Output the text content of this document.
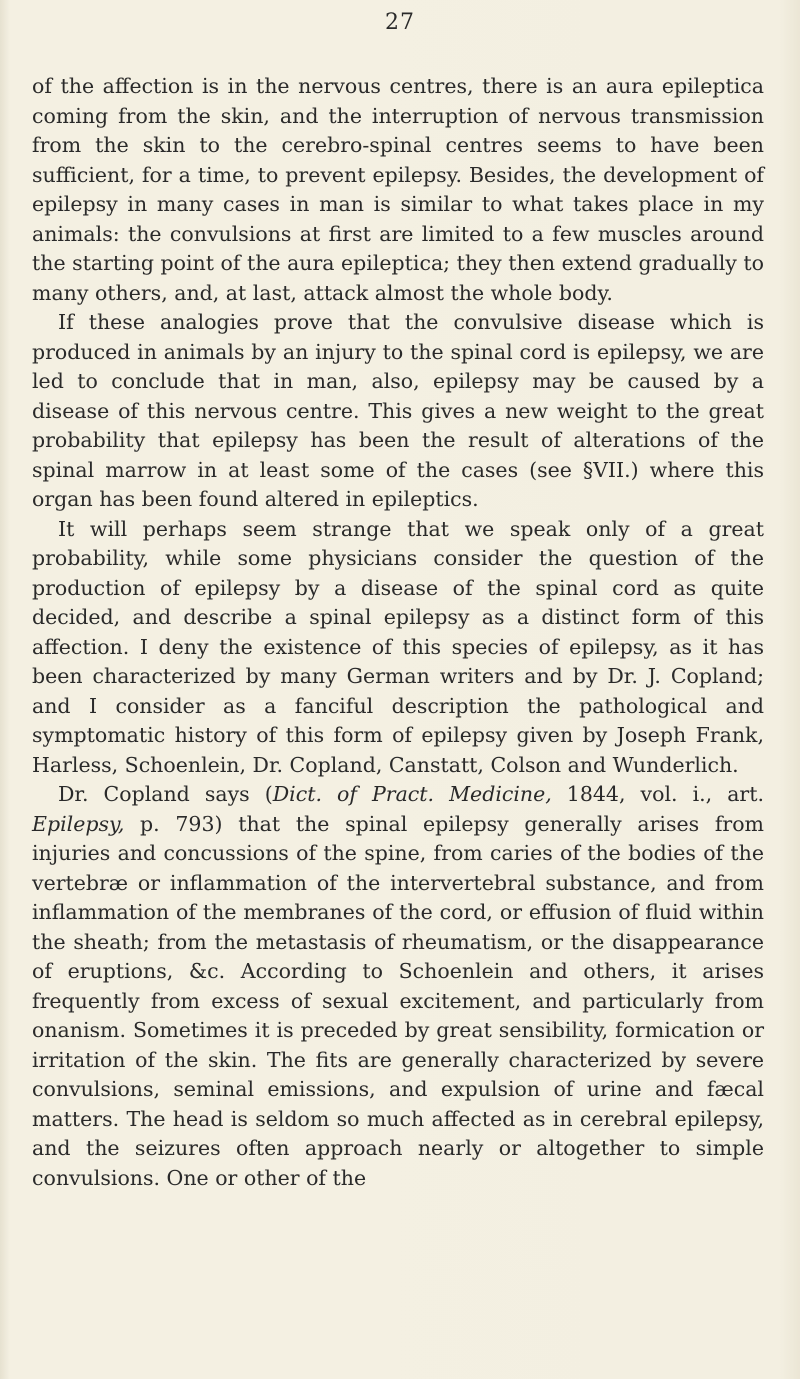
27

of the affection is in the nervous centres, there is an aura epileptica coming from the skin, and the interruption of nervous transmission from the skin to the cerebro-spinal centres seems to have been sufficient, for a time, to prevent epilepsy. Besides, the development of epilepsy in many cases in man is similar to what takes place in my animals: the convulsions at first are limited to a few muscles around the starting point of the aura epileptica; they then extend gradually to many others, and, at last, attack almost the whole body.

If these analogies prove that the convulsive disease which is produced in animals by an injury to the spinal cord is epilepsy, we are led to conclude that in man, also, epilepsy may be caused by a disease of this nervous centre. This gives a new weight to the great probability that epilepsy has been the result of alterations of the spinal marrow in at least some of the cases (see §VII.) where this organ has been found altered in epileptics.

It will perhaps seem strange that we speak only of a great probability, while some physicians consider the question of the production of epilepsy by a disease of the spinal cord as quite decided, and describe a spinal epilepsy as a distinct form of this affection. I deny the existence of this species of epilepsy, as it has been characterized by many German writers and by Dr. J. Copland; and I consider as a fanciful description the pathological and symptomatic history of this form of epilepsy given by Joseph Frank, Harless, Schoenlein, Dr. Copland, Canstatt, Colson and Wunderlich.

Dr. Copland says (Dict. of Pract. Medicine, 1844, vol. i., art. Epilepsy, p. 793) that the spinal epilepsy generally arises from injuries and concussions of the spine, from caries of the bodies of the vertebræ or inflammation of the intervertebral substance, and from inflammation of the membranes of the cord, or effusion of fluid within the sheath; from the metastasis of rheumatism, or the disappearance of eruptions, &c. According to Schoenlein and others, it arises frequently from excess of sexual excitement, and particularly from onanism. Sometimes it is preceded by great sensibility, formication or irritation of the skin. The fits are generally characterized by severe convulsions, seminal emissions, and expulsion of urine and fæcal matters. The head is seldom so much affected as in cerebral epilepsy, and the seizures often approach nearly or altogether to simple convulsions. One or other of the
